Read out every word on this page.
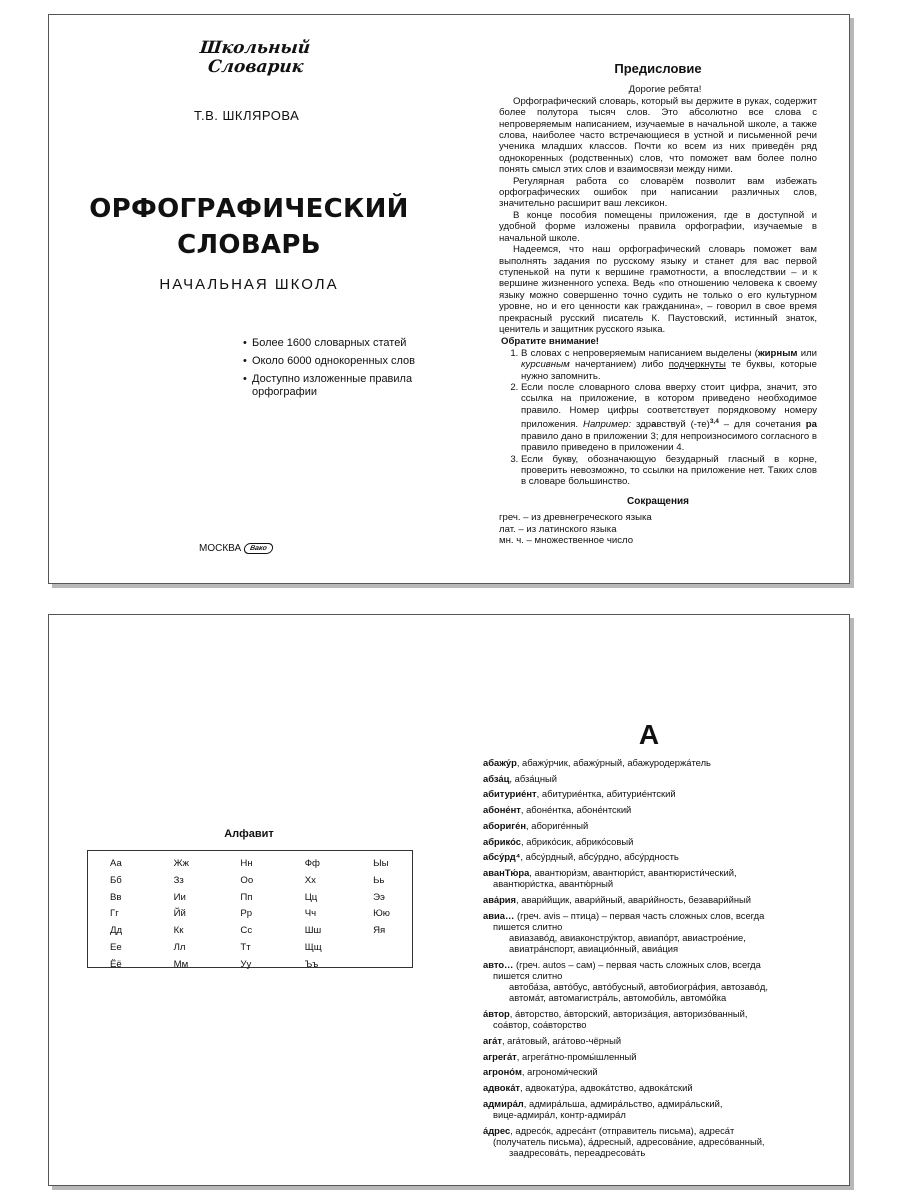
Школьный
Словарик
Т.В. ШКЛЯРОВА
ОРФОГРАФИЧЕСКИЙ
СЛОВАРЬ
НАЧАЛЬНАЯ ШКОЛА
• Более 1600 словарных статей
• Около 6000 однокоренных слов
• Доступно изложенные правила орфографии
МОСКВА	Вако
Предисловие

Дорогие ребята!

Орфографический словарь, который вы держите в руках, содержит более полутора тысяч слов. Это абсолютно все слова с непроверяемым написанием, изучаемые в начальной школе, а также слова, наиболее часто встречающиеся в устной и письменной речи ученика младших классов. Почти ко всем из них приведён ряд однокоренных (родственных) слов, что поможет вам более полно понять смысл этих слов и взаимосвязи между ними.

Регулярная работа со словарём позволит вам избежать орфографических ошибок при написании различных слов, значительно расширит ваш лексикон.

В конце пособия помещены приложения, где в доступной и удобной форме изложены правила орфографии, изучаемые в начальной школе.

Надеемся, что наш орфографический словарь поможет вам выполнять задания по русскому языку и станет для вас первой ступенькой на пути к вершине грамотности, а впоследствии – и к вершине жизненного успеха. Ведь «по отношению человека к своему языку можно совершенно точно судить не только о его культурном уровне, но и его ценности как гражданина», – говорил в свое время прекрасный русский писатель К. Паустовский, истинный знаток, ценитель и защитник русского языка.

Обратите внимание!

1. В словах с непроверяемым написанием выделены (жирным или курсивным начертанием) либо подчеркнуты те буквы, которые нужно запомнить.
2. Если после словарного слова вверху стоит цифра, значит, это ссылка на приложение, в котором приведено необходимое правило. Номер цифры соответствует порядковому номеру приложения. Например: здравствуй $(-те)^{3,4}$ – для сочетания ра правило дано в приложении 3; для непроизносимого согласного в правило приведено в приложении 4.
3. Если букву, обозначающую безударный гласный в корне, проверить невозможно, то ссылки на приложение нет. Таких слов в словаре большинство.
Сокращения

греч. – из древнегреческого языка

лат. – из латинского языка

мн. ч. – множественное число

Алфавит
Аа
Бб
Вв
Гг
Дд
Ее
Ёё
Жж
Зз
Ии
Йй
Кк
Лл
Мм
Нн
Оо
Пп
Рр
Сс
Тт
Уу
Фф
Хх
Цц
Чч
Шш
Щщ
Ъъ
Ыы
Ьь
Ээ
Юю
Яя
А
абажу́р, абажу́рчик, абажу́рный, абажуродержа́тель
абза́ц, абза́цный
абитурие́нт, абитурие́нтка, абитурие́нтский
абоне́нт, абоне́нтка, абоне́нтский
абориге́н, абориге́нный
абрико́с, абрико́сик, абрико́совый
абсу́рд⁴, абсу́рдный, абсу́рдно, абсу́рдность
аванТю́ра, авантюри́зм, авантюри́ст, авантюристи́ческий,
авантюри́стка, авантю́рный
ава́рия, авари́йщик, авари́йный, авари́йность, безавари́йный
авиа… (греч. avis – птица) – первая часть сложных слов, всегда
пишется слитно
авиазаво́д, авиаконстру́ктор, авиапо́рт, авиастрое́ние,
авиатра́нспорт, авиацио́нный, авиа́ция
авто… (греч. autos – сам) – первая часть сложных слов, всегда
пишется слитно
автоба́за, авто́бус, авто́бусный, автобиогра́фия, автозаво́д,
автома́т, автомагистра́ль, автомоби́ль, автомо́йка
а́втор, а́вторство, а́вторский, авториза́ция, авторизо́ванный,
соа́втор, соа́вторство
ага́т, ага́товый, ага́тово-чёрный
агрега́т, агрега́тно-промы́шленный
агроно́м, агрономи́ческий
адвока́т, адвокату́ра, адвока́тство, адвока́тский
адмира́л, адмира́льша, адмира́льство, адмира́льский,
вице-адмира́л, контр-адмира́л
а́дрес, адресо́к, адреса́нт (отправитель письма), адреса́т
(получатель письма), а́дресный, адресова́ние, адресо́ванный,
заадресова́ть, переадресова́ть
